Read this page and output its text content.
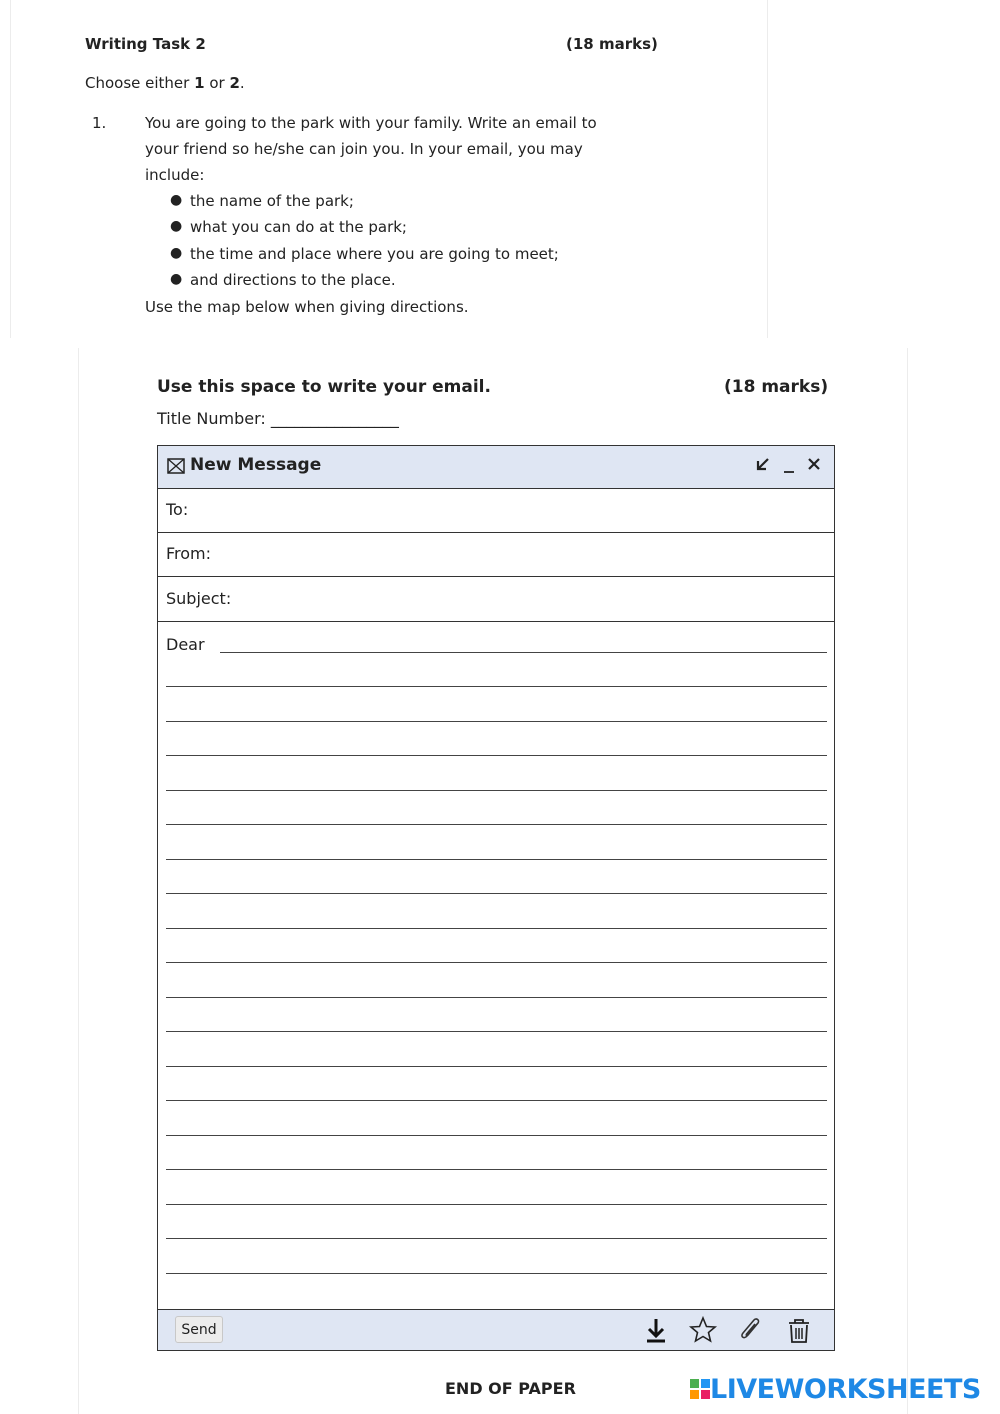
Writing Task 2	(18 marks)
Choose either 1 or 2.
1.	You are going to the park with your family. Write an email to
your friend so he/she can join you. In your email, you may
include:
● the name of the park;
● what you can do at the park;
● the time and place where you are going to meet;
● and directions to the place.
Use the map below when giving directions.
Use this space to write your email.	(18 marks)
Title Number: ________________
New Message
To:
From:
Subject:
Dear
Send
END OF PAPER	LIVEWORKSHEETS
